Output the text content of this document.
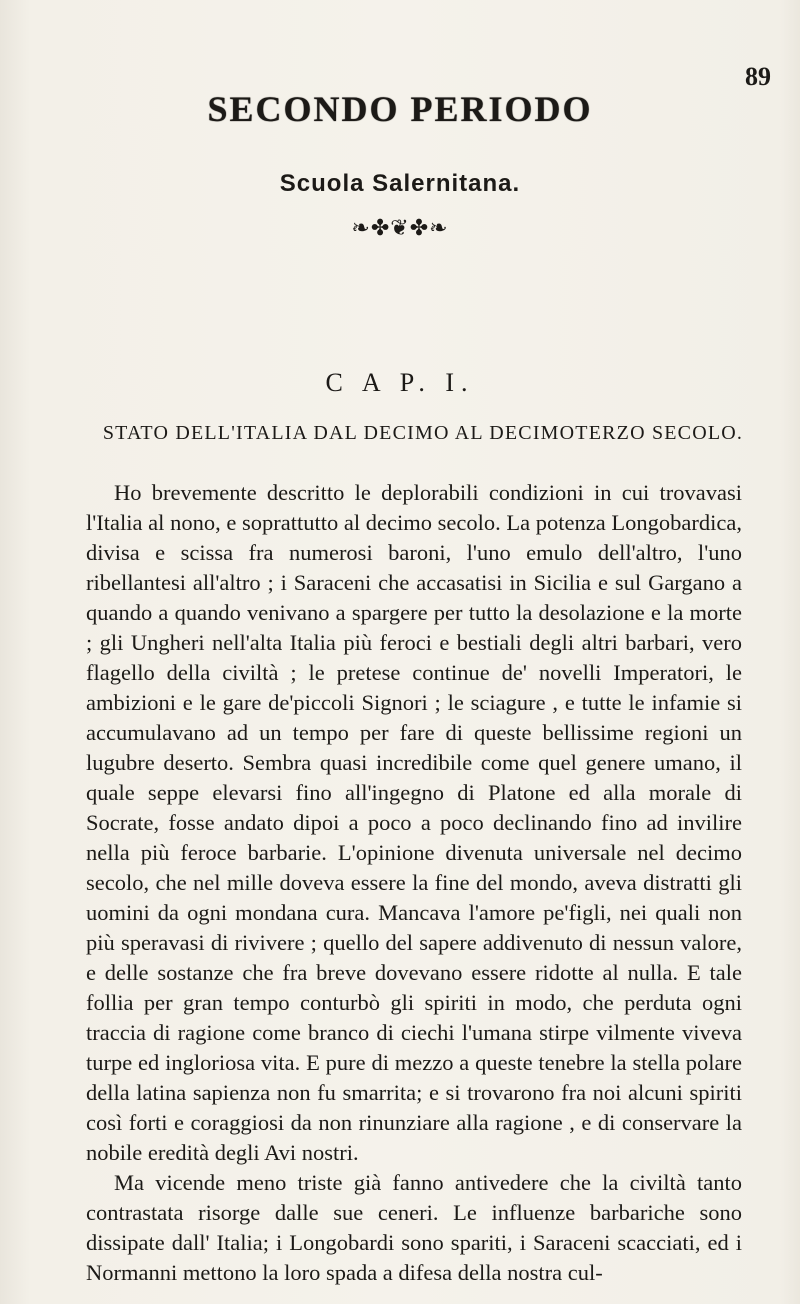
89
SECONDO PERIODO
Scuola Salernitana.
❧✤❦✤❧
C A P. I.
STATO DELL'ITALIA DAL DECIMO AL DECIMOTERZO SECOLO.

Ho brevemente descritto le deplorabili condizioni in cui trovavasi l'Italia al nono, e soprattutto al decimo secolo. La potenza Longobardica, divisa e scissa fra numerosi baroni, l'uno emulo dell'altro, l'uno ribellantesi all'altro ; i Saraceni che accasatisi in Sicilia e sul Gargano a quando a quando venivano a spargere per tutto la desolazione e la morte ; gli Ungheri nell'alta Italia più feroci e bestiali degli altri barbari, vero flagello della civiltà ; le pretese continue de' novelli Imperatori, le ambizioni e le gare de'piccoli Signori ; le sciagure , e tutte le infamie si accumulavano ad un tempo per fare di queste bellissime regioni un lugubre deserto. Sembra quasi incredibile come quel genere umano, il quale seppe elevarsi fino all'ingegno di Platone ed alla morale di Socrate, fosse andato dipoi a poco a poco declinando fino ad invilire nella più feroce barbarie. L'opinione divenuta universale nel decimo secolo, che nel mille doveva essere la fine del mondo, aveva distratti gli uomini da ogni mondana cura. Mancava l'amore pe'figli, nei quali non più speravasi di rivivere ; quello del sapere addivenuto di nessun valore, e delle sostanze che fra breve dovevano essere ridotte al nulla. E tale follia per gran tempo conturbò gli spiriti in modo, che perduta ogni traccia di ragione come branco di ciechi l'umana stirpe vilmente viveva turpe ed ingloriosa vita. E pure di mezzo a queste tenebre la stella polare della latina sapienza non fu smarrita; e si trovarono fra noi alcuni spiriti così forti e coraggiosi da non rinunziare alla ragione , e di conservare la nobile eredità degli Avi nostri.

Ma vicende meno triste già fanno antivedere che la civiltà tanto contrastata risorge dalle sue ceneri. Le influenze barbariche sono dissipate dall' Italia; i Longobardi sono spariti, i Saraceni scacciati, ed i Normanni mettono la loro spada a difesa della nostra cul-
